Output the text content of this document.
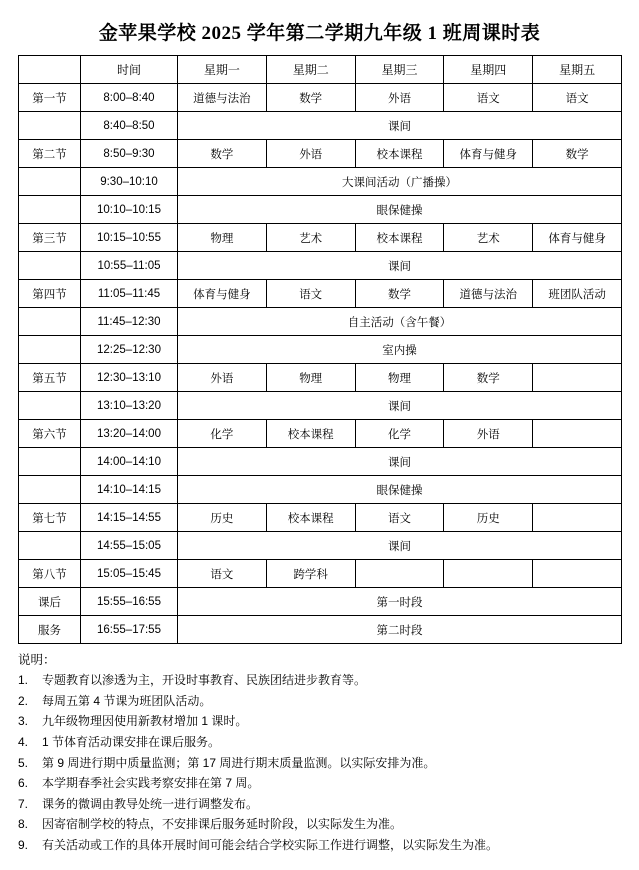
金苹果学校 2025 学年第二学期九年级 1 班周课时表
	时间	星期一	星期二	星期三	星期四	星期五
第一节	8:00–8:40	道德与法治	数学	外语	语文	语文
	8:40–8:50	课间				
第二节	8:50–9:30	数学	外语	校本课程	体育与健身	数学
	9:30–10:10	大课间活动（广播操）				
	10:10–10:15	眼保健操				
第三节	10:15–10:55	物理	艺术	校本课程	艺术	体育与健身
	10:55–11:05	课间				
第四节	11:05–11:45	体育与健身	语文	数学	道德与法治	班团队活动
	11:45–12:30	自主活动（含午餐）				
	12:25–12:30	室内操				
第五节	12:30–13:10	外语	物理	物理	数学	
	13:10–13:20	课间				
第六节	13:20–14:00	化学	校本课程	化学	外语	
	14:00–14:10	课间				
	14:10–14:15	眼保健操				
第七节	14:15–14:55	历史	校本课程	语文	历史	
	14:55–15:05	课间				
第八节	15:05–15:45	语文	跨学科			
课后	15:55–16:55	第一时段				
服务	16:55–17:55	第二时段				
说明：
1.	专题教育以渗透为主，开设时事教育、民族团结进步教育等。
2.	每周五第 4 节课为班团队活动。
3.	九年级物理因使用新教材增加 1 课时。
4.	1 节体育活动课安排在课后服务。
5.	第 9 周进行期中质量监测；第 17 周进行期末质量监测。以实际安排为准。
6.	本学期春季社会实践考察安排在第 7 周。
7.	课务的微调由教导处统一进行调整发布。
8.	因寄宿制学校的特点，不安排课后服务延时阶段，以实际发生为准。
9.	有关活动或工作的具体开展时间可能会结合学校实际工作进行调整，以实际发生为准。
